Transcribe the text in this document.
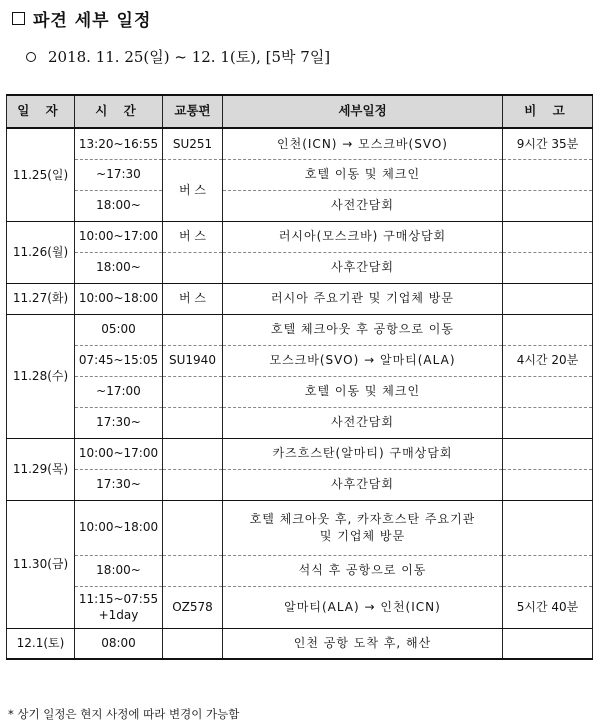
파견 세부 일정
2018. 11. 25(일) ~ 12. 1(토), [5박 7일]
일 자	시 간	교통편	세부일정	비 고
11.25(일)	13:20~16:55	SU251	인천(ICN) → 모스크바(SVO)	9시간 35분
	~17:30	버 스	호텔 이동 및 체크인	
	18:00~		사전간담회	
11.26(월)	10:00~17:00	버 스	러시아(모스크바) 구매상담회	
	18:00~		사후간담회	
11.27(화)	10:00~18:00	버 스	러시아 주요기관 및 기업체 방문	
11.28(수)	05:00		호텔 체크아웃 후 공항으로 이동	
	07:45~15:05	SU1940	모스크바(SVO) → 알마티(ALA)	4시간 20분
	~17:00		호텔 이동 및 체크인	
	17:30~		사전간담회	
11.29(목)	10:00~17:00		카즈흐스탄(알마티) 구매상담회	
	17:30~		사후간담회	
11.30(금)	10:00~18:00		호텔 체크아웃 후, 카자흐스탄 주요기관
및 기업체 방문	
	18:00~		석식 후 공항으로 이동	
	11:15~07:55
+1day	OZ578	알마티(ALA) → 인천(ICN)	5시간 40분
12.1(토)	08:00		인천 공항 도착 후, 해산	
* 상기 일정은 현지 사정에 따라 변경이 가능함
